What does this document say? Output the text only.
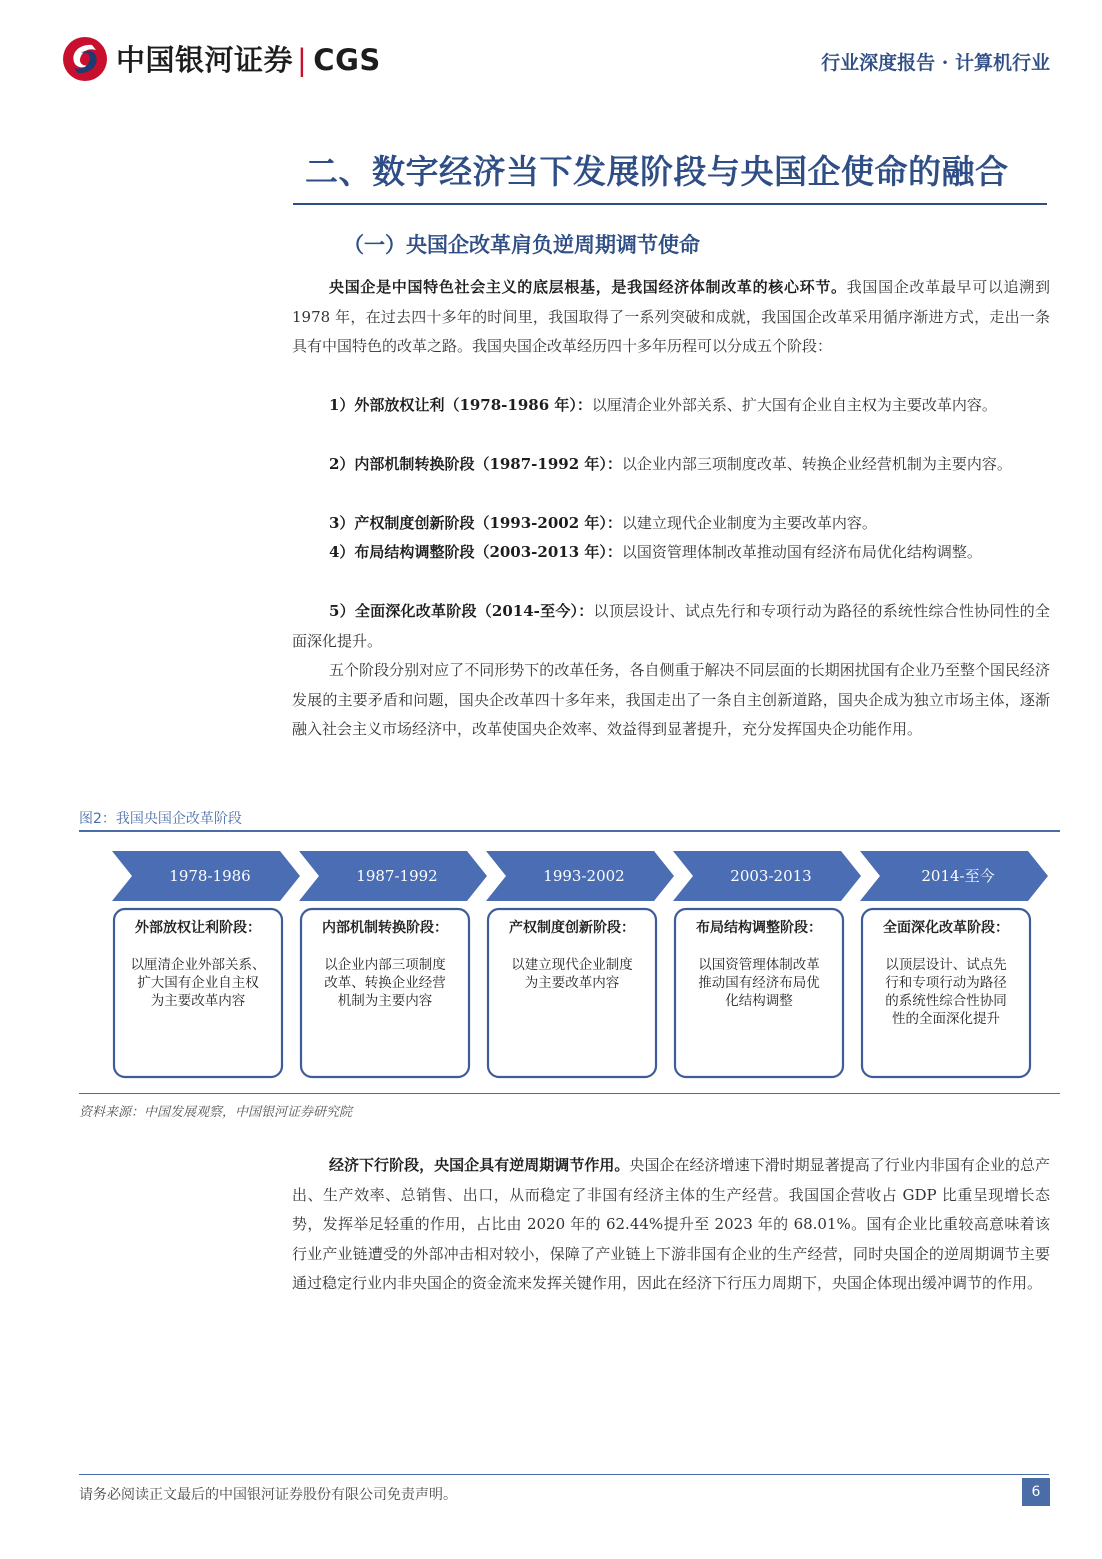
中国银河证券 | CGS	行业深度报告 · 计算机行业
二、数字经济当下发展阶段与央国企使命的融合
（一）央国企改革肩负逆周期调节使命
央国企是中国特色社会主义的底层根基，是我国经济体制改革的核心环节。我国国企改革最早可以追溯到 1978 年，在过去四十多年的时间里，我国取得了一系列突破和成就，我国国企改革采用循序渐进方式，走出一条具有中国特色的改革之路。我国央国企改革经历四十多年历程可以分成五个阶段：
1）外部放权让利（1978-1986 年）：以厘清企业外部关系、扩大国有企业自主权为主要改革内容。
2）内部机制转换阶段（1987-1992 年）：以企业内部三项制度改革、转换企业经营机制为主要内容。
3）产权制度创新阶段（1993-2002 年）：以建立现代企业制度为主要改革内容。
4）布局结构调整阶段（2003-2013 年）：以国资管理体制改革推动国有经济布局优化结构调整。
5）全面深化改革阶段（2014-至今）：以顶层设计、试点先行和专项行动为路径的系统性综合性协同性的全面深化提升。
五个阶段分别对应了不同形势下的改革任务，各自侧重于解决不同层面的长期困扰国有企业乃至整个国民经济发展的主要矛盾和问题，国央企改革四十多年来，我国走出了一条自主创新道路，国央企成为独立市场主体，逐渐融入社会主义市场经济中，改革使国央企效率、效益得到显著提升，充分发挥国央企功能作用。
图2：我国央国企改革阶段
1978-1986	1987-1992	1993-2002	2003-2013	2014-至今
外部放权让利阶段：
以厘清企业外部关系、
扩大国有企业自主权
为主要改革内容
内部机制转换阶段：
以企业内部三项制度
改革、转换企业经营
机制为主要内容
产权制度创新阶段：
以建立现代企业制度
为主要改革内容
布局结构调整阶段：
以国资管理体制改革
推动国有经济布局优
化结构调整
全面深化改革阶段：
以顶层设计、试点先
行和专项行动为路径
的系统性综合性协同
性的全面深化提升
资料来源：中国发展观察，中国银河证券研究院
经济下行阶段，央国企具有逆周期调节作用。央国企在经济增速下滑时期显著提高了行业内非国有企业的总产出、生产效率、总销售、出口，从而稳定了非国有经济主体的生产经营。我国国企营收占 GDP 比重呈现增长态势，发挥举足轻重的作用，占比由 2020 年的 62.44%提升至 2023 年的 68.01%。国有企业比重较高意味着该行业产业链遭受的外部冲击相对较小，保障了产业链上下游非国有企业的生产经营，同时央国企的逆周期调节主要通过稳定行业内非央国企的资金流来发挥关键作用，因此在经济下行压力周期下，央国企体现出缓冲调节的作用。
请务必阅读正文最后的中国银河证券股份有限公司免责声明。	6
